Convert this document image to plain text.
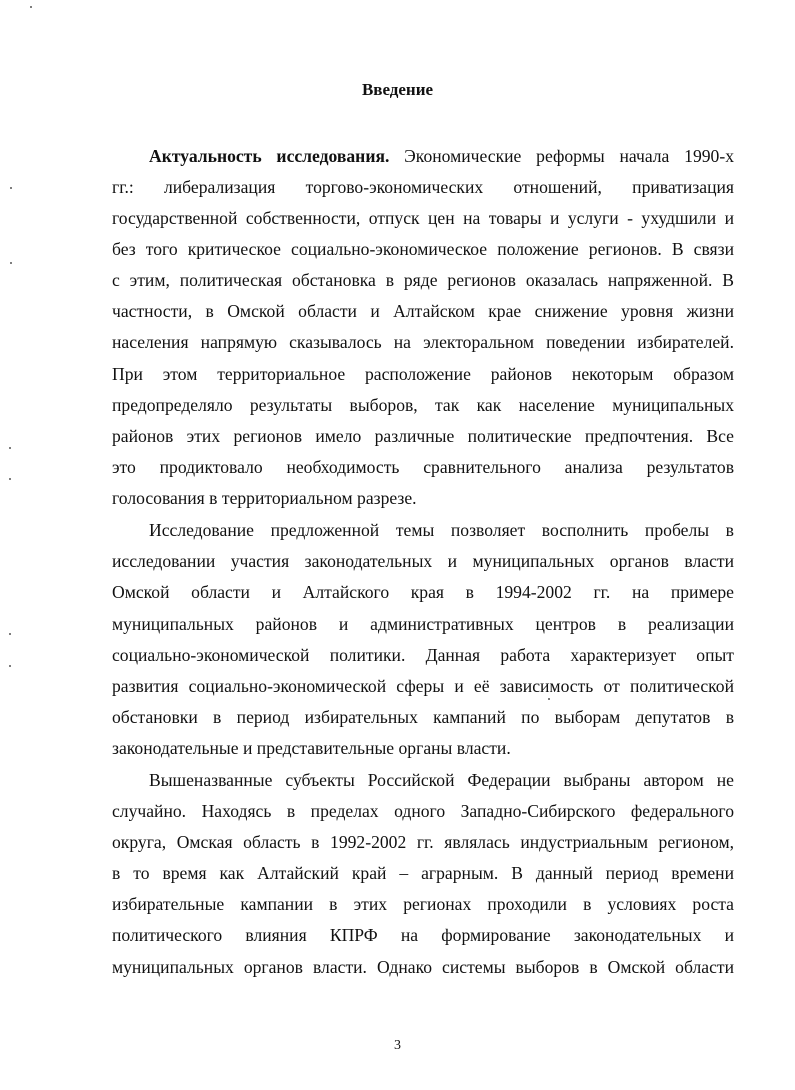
Введение
Актуальность исследования. Экономические реформы начала 1990-х
гг.: либерализация торгово-экономических отношений, приватизация
государственной собственности, отпуск цен на товары и услуги - ухудшили и
без того критическое социально-экономическое положение регионов. В связи
с этим, политическая обстановка в ряде регионов оказалась напряженной. В
частности, в Омской области и Алтайском крае снижение уровня жизни
населения напрямую сказывалось на электоральном поведении избирателей.
При этом территориальное расположение районов некоторым образом
предопределяло результаты выборов, так как население муниципальных
районов этих регионов имело различные политические предпочтения. Все
это продиктовало необходимость сравнительного анализа результатов
голосования в территориальном разрезе.
Исследование предложенной темы позволяет восполнить пробелы в
исследовании участия законодательных и муниципальных органов власти
Омской области и Алтайского края в 1994-2002 гг. на примере
муниципальных районов и административных центров в реализации
социально-экономической политики. Данная работа характеризует опыт
развития социально-экономической сферы и её зависимость от политической
обстановки в период избирательных кампаний по выборам депутатов в
законодательные и представительные органы власти.
Вышеназванные субъекты Российской Федерации выбраны автором не
случайно. Находясь в пределах одного Западно-Сибирского федерального
округа, Омская область в 1992-2002 гг. являлась индустриальным регионом,
в то время как Алтайский край – аграрным. В данный период времени
избирательные кампании в этих регионах проходили в условиях роста
политического влияния КПРФ на формирование законодательных и
муниципальных органов власти. Однако системы выборов в Омской области
3
